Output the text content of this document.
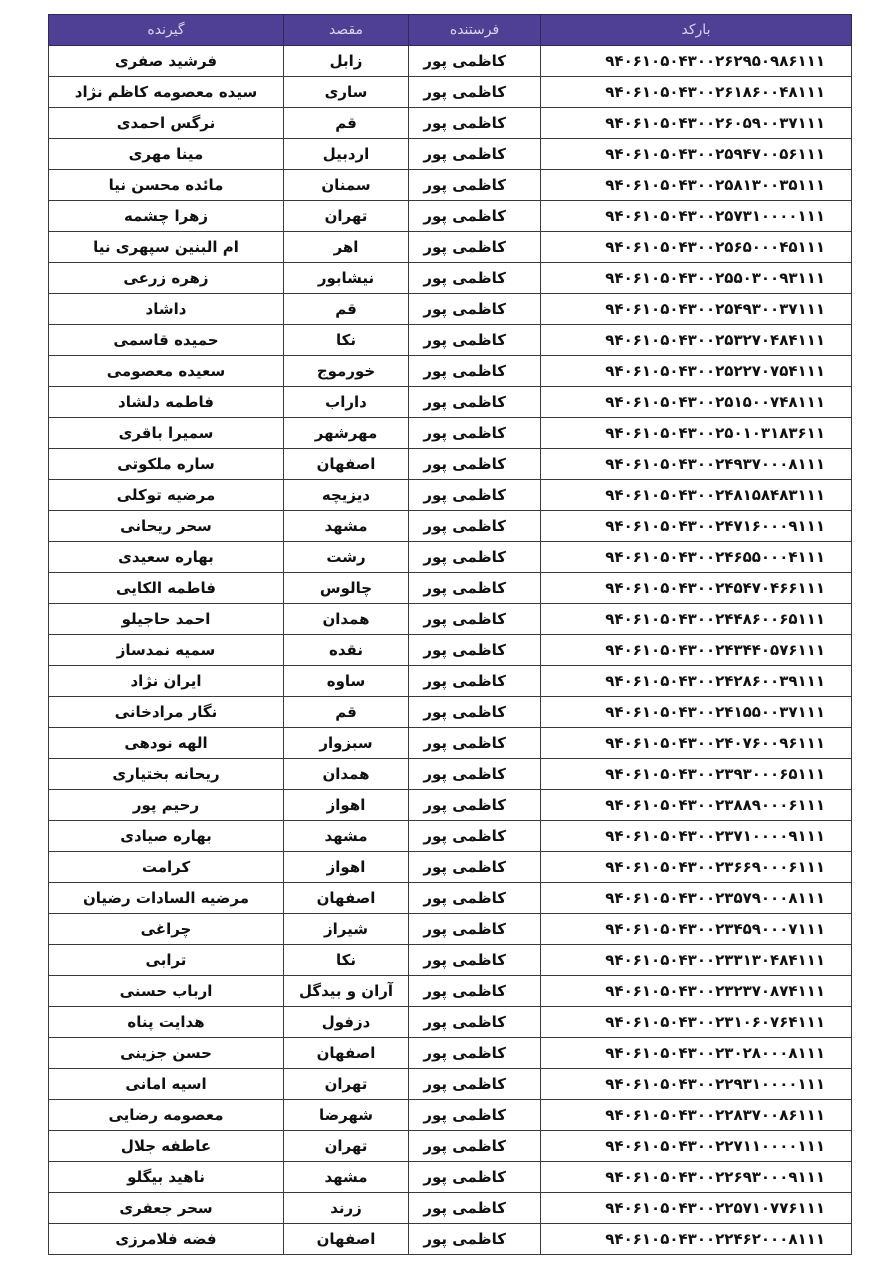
بارکد	فرستنده	مقصد	گیرنده
۹۴۰۶۱۰۵۰۴۳۰۰۲۶۲۹۵۰۹۸۶۱۱۱	کاظمی پور	زابل	فرشید صفری
۹۴۰۶۱۰۵۰۴۳۰۰۲۶۱۸۶۰۰۴۸۱۱۱	کاظمی پور	ساری	سیده معصومه کاظم نژاد
۹۴۰۶۱۰۵۰۴۳۰۰۲۶۰۵۹۰۰۳۷۱۱۱	کاظمی پور	قم	نرگس احمدی
۹۴۰۶۱۰۵۰۴۳۰۰۲۵۹۴۷۰۰۵۶۱۱۱	کاظمی پور	اردبیل	مینا مهری
۹۴۰۶۱۰۵۰۴۳۰۰۲۵۸۱۳۰۰۳۵۱۱۱	کاظمی پور	سمنان	مائده محسن نیا
۹۴۰۶۱۰۵۰۴۳۰۰۲۵۷۳۱۰۰۰۰۱۱۱	کاظمی پور	تهران	زهرا چشمه
۹۴۰۶۱۰۵۰۴۳۰۰۲۵۶۵۰۰۰۴۵۱۱۱	کاظمی پور	اهر	ام البنین سپهری نیا
۹۴۰۶۱۰۵۰۴۳۰۰۲۵۵۰۳۰۰۹۳۱۱۱	کاظمی پور	نیشابور	زهره زرعی
۹۴۰۶۱۰۵۰۴۳۰۰۲۵۴۹۳۰۰۳۷۱۱۱	کاظمی پور	قم	داشاد
۹۴۰۶۱۰۵۰۴۳۰۰۲۵۳۲۷۰۴۸۴۱۱۱	کاظمی پور	نکا	حمیده قاسمی
۹۴۰۶۱۰۵۰۴۳۰۰۲۵۲۲۷۰۷۵۴۱۱۱	کاظمی پور	خورموج	سعیده معصومی
۹۴۰۶۱۰۵۰۴۳۰۰۲۵۱۵۰۰۷۴۸۱۱۱	کاظمی پور	داراب	فاطمه دلشاد
۹۴۰۶۱۰۵۰۴۳۰۰۲۵۰۱۰۳۱۸۳۶۱۱	کاظمی پور	مهرشهر	سمیرا باقری
۹۴۰۶۱۰۵۰۴۳۰۰۲۴۹۳۷۰۰۰۸۱۱۱	کاظمی پور	اصفهان	ساره ملکوتی
۹۴۰۶۱۰۵۰۴۳۰۰۲۴۸۱۵۸۴۸۳۱۱۱	کاظمی پور	دیزیچه	مرضیه توکلی
۹۴۰۶۱۰۵۰۴۳۰۰۲۴۷۱۶۰۰۰۹۱۱۱	کاظمی پور	مشهد	سحر ریحانی
۹۴۰۶۱۰۵۰۴۳۰۰۲۴۶۵۵۰۰۰۴۱۱۱	کاظمی پور	رشت	بهاره سعیدی
۹۴۰۶۱۰۵۰۴۳۰۰۲۴۵۴۷۰۴۶۶۱۱۱	کاظمی پور	چالوس	فاطمه الکایی
۹۴۰۶۱۰۵۰۴۳۰۰۲۴۴۸۶۰۰۶۵۱۱۱	کاظمی پور	همدان	احمد حاجیلو
۹۴۰۶۱۰۵۰۴۳۰۰۲۴۳۴۴۰۵۷۶۱۱۱	کاظمی پور	نقده	سمیه نمدساز
۹۴۰۶۱۰۵۰۴۳۰۰۲۴۲۸۶۰۰۳۹۱۱۱	کاظمی پور	ساوه	ایران نژاد
۹۴۰۶۱۰۵۰۴۳۰۰۲۴۱۵۵۰۰۳۷۱۱۱	کاظمی پور	قم	نگار مرادخانی
۹۴۰۶۱۰۵۰۴۳۰۰۲۴۰۷۶۰۰۹۶۱۱۱	کاظمی پور	سبزوار	الهه نودهی
۹۴۰۶۱۰۵۰۴۳۰۰۲۳۹۳۰۰۰۶۵۱۱۱	کاظمی پور	همدان	ریحانه بختیاری
۹۴۰۶۱۰۵۰۴۳۰۰۲۳۸۸۹۰۰۰۶۱۱۱	کاظمی پور	اهواز	رحیم پور
۹۴۰۶۱۰۵۰۴۳۰۰۲۳۷۱۰۰۰۰۹۱۱۱	کاظمی پور	مشهد	بهاره صیادی
۹۴۰۶۱۰۵۰۴۳۰۰۲۳۶۶۹۰۰۰۶۱۱۱	کاظمی پور	اهواز	کرامت
۹۴۰۶۱۰۵۰۴۳۰۰۲۳۵۷۹۰۰۰۸۱۱۱	کاظمی پور	اصفهان	مرضیه السادات رضیان
۹۴۰۶۱۰۵۰۴۳۰۰۲۳۴۵۹۰۰۰۷۱۱۱	کاظمی پور	شیراز	چراغی
۹۴۰۶۱۰۵۰۴۳۰۰۲۳۳۱۳۰۴۸۴۱۱۱	کاظمی پور	نکا	ترابی
۹۴۰۶۱۰۵۰۴۳۰۰۲۳۲۳۷۰۸۷۴۱۱۱	کاظمی پور	آران و بیدگل	ارباب حسنی
۹۴۰۶۱۰۵۰۴۳۰۰۲۳۱۰۶۰۷۶۴۱۱۱	کاظمی پور	دزفول	هدایت پناه
۹۴۰۶۱۰۵۰۴۳۰۰۲۳۰۲۸۰۰۰۸۱۱۱	کاظمی پور	اصفهان	حسن جزینی
۹۴۰۶۱۰۵۰۴۳۰۰۲۲۹۳۱۰۰۰۰۱۱۱	کاظمی پور	تهران	اسیه امانی
۹۴۰۶۱۰۵۰۴۳۰۰۲۲۸۳۷۰۰۸۶۱۱۱	کاظمی پور	شهرضا	معصومه رضایی
۹۴۰۶۱۰۵۰۴۳۰۰۲۲۷۱۱۰۰۰۰۱۱۱	کاظمی پور	تهران	عاطفه جلال
۹۴۰۶۱۰۵۰۴۳۰۰۲۲۶۹۳۰۰۰۹۱۱۱	کاظمی پور	مشهد	ناهید بیگلو
۹۴۰۶۱۰۵۰۴۳۰۰۲۲۵۷۱۰۷۷۶۱۱۱	کاظمی پور	زرند	سحر جعفری
۹۴۰۶۱۰۵۰۴۳۰۰۲۲۴۶۲۰۰۰۸۱۱۱	کاظمی پور	اصفهان	فضه فلامرزی
